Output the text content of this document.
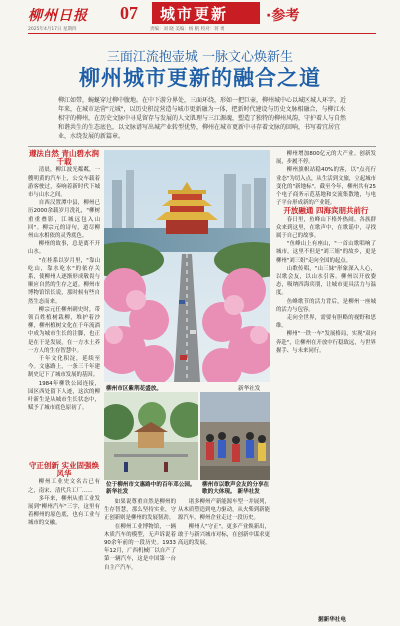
柳州日报 07 城市更新	·参考
2025年4月17日 星期四	责编：刘 晓 美编：杨 帆 校对：蒋 勇
三面江流抱壶城 一脉文心焕新生
柳州城市更新的融合之道
柳江如带，蜿蜒穿过柳中腹地。在中下游分界处，三面环绕，形如一把巨壶，柳州城中心以城区城人环字。近年来，在城市运营"元城"，以历史积淀营造与城市更新融为一体，把新时代建设与历史文脉相融合，与柳江水相守的柳州，在历史文脉中寻觅留存与发展的人文肌理与三江源魂，塑造了独特的柳州风韵，守护着人与自然和谐共生的生态底色，以文脉谱写出城产业转型优势，柳州在城市更新中寻存着文脉的回响，书写着宜居宜业，水绕发展的新篇章。

遵法自然 青山碧水润千载

清晨，柳江波光粼粼，一艘明黄的汽车上，公交车载着游客驶过，奏响着新时代下城市与山水之间。

自西汉置潭中县，柳州已历2000余载岁月洗礼，"柳树重重叠影，江城远包入山回"。柳宗元的诗句，道尽柳州山水相依的灵秀底色。

柳州的故事，总是离不开山水。

"在桂系以岁月里，"靠山吃山，靠水吃水"的依存关系，使柳州人逐渐形成敬畏与顺应自然的生存之道。柳州市博物馆馆长说，那时候有些自然生态而来。

柳宗元任柳州刺史时，带领百姓植树栽柳，堆护着沙柳，柳州植树文化在千年流淌中成为城市生长的注脚，也正是在于是发展，在一方水土养一方人的生存智慧中。

千年文化积淀，延续至今。文惠路上，一条三千年建制史记下了城市发展的基因。

1984年柳铁公园连接，园区西处留下人迹，这次的柳叶新生是从城市生长状态中，赋予了城市底色原初了。

守正创新 实业固强焕风华

柳州工业史文名古已有之，南宋、清代兵工厂……

多年来，柳州从重工业发展到"柳州汽车"三字，这里有着柳州的原色底，也有工业与城市的交融。

柳州市区紫荆花盛放。	新华社发
位于柳州市文惠路中的百年邓公园。 新华社发
柳州市以歌声会友的分享在歌的大体现。 新华社发

如果说尊重自然是柳州的生存智慧，那么坚持实业，守正创新则是柳州的发展韧劲。

在柳州工业博物馆，一辆木质汽车的模型，无声诉说着90余年前的一段历史。1933年12月，广西机械厂以自产了第一辆汽车，这是中国第一台自主产汽车。

诸多柳州产新能源车型一并展列，从木质塑造到电力驱动，从火柴到新能源汽车，柳州企业走过一段历史。

柳州人"守正"，更多产业焕新出，敢于与新兴城市对标，在创新中谋求更高远的发展。

柳州增加800亿元的大产业。创新发展，步履不停。

柳州旗帜站稳40%的客，以"点亮行业态"为切入点，从生活到文旅，立起城市变化的"新地标"。截至今年，柳州共有25个电子商务示范基地和交流集散地，与电子平台形成新的产业链。

开放融通 四海宾朋共前行

春日里，鱼峰山下格外热闹。各族群众来到这里，在歌声中，在歌谣中，寻找属于自己的故事。

"鱼峰山上有座山，"一首山歌唱响了城市，这里不但是"刘三姐"的故乡，更是柳州"刘三姐"走向全国的起点。

山歌传唱，"山三妹"形象深入人心，以歌会友，以山水引客。柳州以开放姿态，吸纳四海宾朋，让城市更具活力与温度。

鱼峰歌节的活力背后，是柳州一座城的活力与包容。

走向全世界，需要有胆略的视野和思维。

柳州"一铁一车"发展格局，实现"双向奔赴"，让柳州在开放中行稳致远，与世界握手、与未来同行。

据新华社电
